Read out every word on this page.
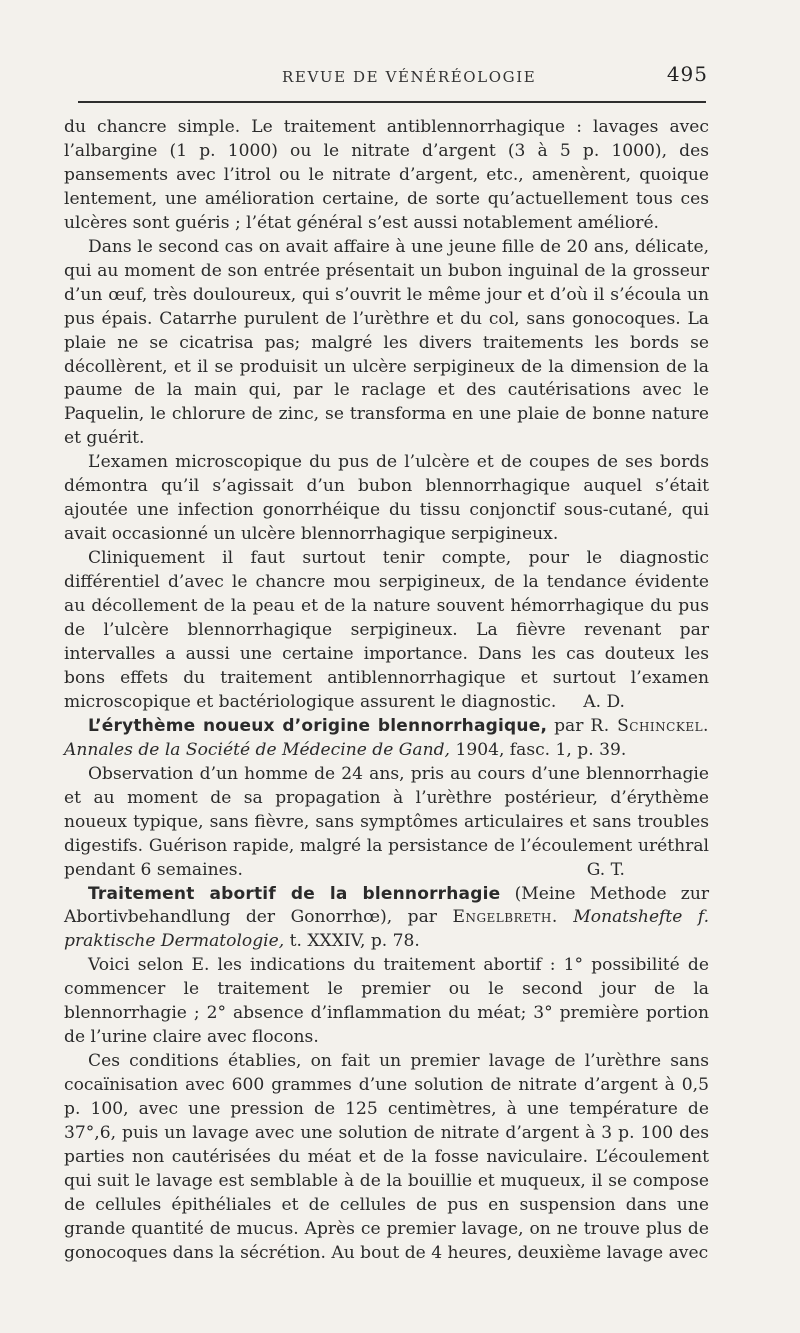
REVUE DE VÉNÉRÉOLOGIE	495

du chancre simple. Le traitement antiblennorrhagique : lavages avec l’albargine (1 p. 1000) ou le nitrate d’argent (3 à 5 p. 1000), des pansements avec l’itrol ou le nitrate d’argent, etc., amenèrent, quoique lentement, une amélioration certaine, de sorte qu’actuellement tous ces ulcères sont guéris ; l’état général s’est aussi notablement amélioré.

Dans le second cas on avait affaire à une jeune fille de 20 ans, délicate, qui au moment de son entrée présentait un bubon inguinal de la grosseur d’un œuf, très douloureux, qui s’ouvrit le même jour et d’où il s’écoula un pus épais. Catarrhe purulent de l’urèthre et du col, sans gonocoques. La plaie ne se cicatrisa pas; malgré les divers traitements les bords se décollèrent, et il se produisit un ulcère serpigineux de la dimension de la paume de la main qui, par le raclage et des cautérisations avec le Paquelin, le chlorure de zinc, se transforma en une plaie de bonne nature et guérit.

L’examen microscopique du pus de l’ulcère et de coupes de ses bords démontra qu’il s’agissait d’un bubon blennorrhagique auquel s’était ajoutée une infection gonorrhéique du tissu conjonctif sous-cutané, qui avait occasionné un ulcère blennorrhagique serpigineux.

Cliniquement il faut surtout tenir compte, pour le diagnostic différentiel d’avec le chancre mou serpigineux, de la tendance évidente au décollement de la peau et de la nature souvent hémorrhagique du pus de l’ulcère blennorrhagique serpigineux. La fièvre revenant par intervalles a aussi une certaine importance. Dans les cas douteux les bons effets du traitement antiblennorrhagique et surtout l’examen microscopique et bactériologique assurent le diagnostic.	A. D.

L’érythème noueux d’origine blennorrhagique, par R. Schinckel. Annales de la Société de Médecine de Gand, 1904, fasc. 1, p. 39.

Observation d’un homme de 24 ans, pris au cours d’une blennorrhagie et au moment de sa propagation à l’urèthre postérieur, d’érythème noueux typique, sans fièvre, sans symptômes articulaires et sans troubles digestifs. Guérison rapide, malgré la persistance de l’écoulement uréthral pendant 6 semaines.	G. T.

Traitement abortif de la blennorrhagie (Meine Methode zur Abortivbehandlung der Gonorrhœ), par Engelbreth. Monatshefte f. praktische Dermatologie, t. XXXIV, p. 78.

Voici selon E. les indications du traitement abortif : 1° possibilité de commencer le traitement le premier ou le second jour de la blennorrhagie ; 2° absence d’inflammation du méat; 3° première portion de l’urine claire avec flocons.

Ces conditions établies, on fait un premier lavage de l’urèthre sans cocaïnisation avec 600 grammes d’une solution de nitrate d’argent à 0,5 p. 100, avec une pression de 125 centimètres, à une température de 37°,6, puis un lavage avec une solution de nitrate d’argent à 3 p. 100 des parties non cautérisées du méat et de la fosse naviculaire. L’écoulement qui suit le lavage est semblable à de la bouillie et muqueux, il se compose de cellules épithéliales et de cellules de pus en suspension dans une grande quantité de mucus. Après ce premier lavage, on ne trouve plus de gonocoques dans la sécrétion. Au bout de 4 heures, deuxième lavage avec
